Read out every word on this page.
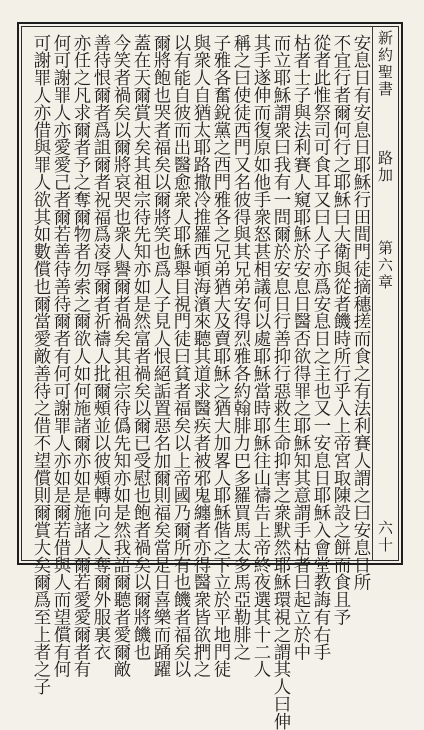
新約聖書
路加
第六章
六十
安息日有安息日耶穌行田間門徒摘穗搓而食之有法利賽人謂之曰安息日所
不宜行者爾何行之耶穌曰大衛與從者饑時所行乎入上帝宮取陳設之餅而食且予
從者此惟祭司可食耳又曰人子亦爲安息日之主也又一安息日耶穌入會堂教誨有右手
枯者士子與法利賽人窺耶穌於安息日醫否欲得罪之耶穌知其意謂手枯者曰起立於中
而立耶穌謂衆曰我有一問爾於安息日行善抑行惡救生命抑害之衆默然耶穌環視之謂其人曰伸
其手遂伸而復原如他手衆怒甚相議何以處耶穌當時耶穌往山禱告上帝終夜選其十二人
稱之曰使徒西門又名彼得與其兄弟安得烈雅各約翰腓力巴多羅買馬太多馬亞勒腓之
子雅各奮銳黨之西門雅各之兄弟猶大及賣耶穌之猶大加畧人耶穌偕之下立於平地門徒
與衆人自猶太耶路撒冷推羅西頓海濱來聽其道求醫疾者被邪鬼纏者亦得醫衆皆欲捫之
以有能自彼而出醫愈衆人耶穌舉目視門徒曰貧者福矣以上帝國乃爾所有也饑者福矣以
爾將飽也哭者福矣以爾將笑也爲人子見人恨絕詬置惡名加爾則福矣當是日喜樂而踊躍
蓋在天爾賞大矣其祖宗待先知亦如是然富者禍矣以爾已受慰也飽者禍矣以爾將饑也
今笑者禍矣以爾將哀哭也衆人譽爾者禍矣其祖宗待僞先知亦如是然我語爾聽者愛爾敵
善待恨爾者爲詛爾者祝福爲凌辱爾者祈禱人批爾頰並以彼頰轉向之人奪爾外服裏衣
亦任之凡求爾者予之奪爾物者勿索之爾欲人如何施諸爾亦如是施諸人爾若愛愛爾者有
何可謝罪人亦愛愛己者爾若善待善待爾者有何可謝罪人亦如是爾若借與人而望償有何
可謝罪人亦借與罪人欲其如數償也爾當愛敵善待之借不望償則爾賞大矣爾爲至上者之子
